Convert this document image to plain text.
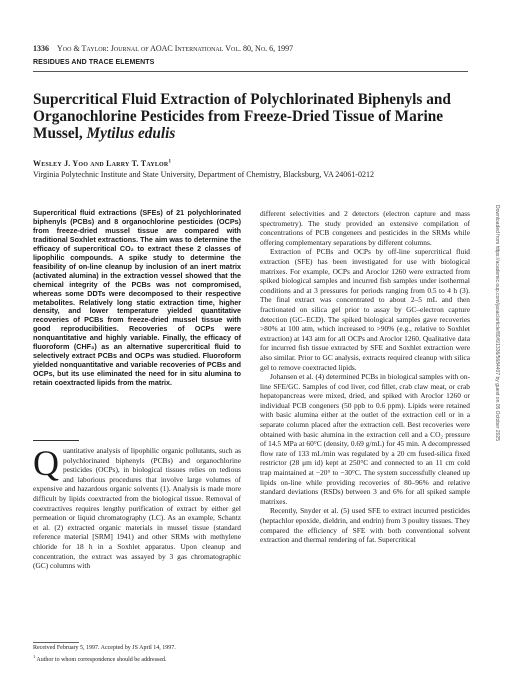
1336 Yoo & Taylor: Journal of AOAC International Vol. 80, No. 6, 1997
RESIDUES AND TRACE ELEMENTS
Supercritical Fluid Extraction of Polychlorinated Biphenyls and Organochlorine Pesticides from Freeze-Dried Tissue of Marine Mussel, Mytilus edulis
Wesley J. Yoo and Larry T. Taylor$^1$
Virginia Polytechnic Institute and State University, Department of Chemistry, Blacksburg, VA 24061-0212

Supercritical fluid extractions (SFEs) of 21 polychlorinated biphenyls (PCBs) and 8 organochlorine pesticides (OCPs) from freeze-dried mussel tissue are compared with traditional Soxhlet extractions. The aim was to determine the efficacy of supercritical CO₂ to extract these 2 classes of lipophilic compounds. A spike study to determine the feasibility of on-line cleanup by inclusion of an inert matrix (activated alumina) in the extraction vessel showed that the chemical integrity of the PCBs was not compromised, whereas some DDTs were decomposed to their respective metabolites. Relatively long static extraction time, higher density, and lower temperature yielded quantitative recoveries of PCBs from freeze-dried mussel tissue with good reproducibilities. Recoveries of OCPs were nonquantitative and highly variable. Finally, the efficacy of fluoroform (CHF₃) as an alternative supercritical fluid to selectively extract PCBs and OCPs was studied. Fluoroform yielded nonquantitative and variable recoveries of PCBs and OCPs, but its use eliminated the need for in situ alumina to retain coextracted lipids from the matrix.

Quantitative analysis of lipophilic organic pollutants, such as polychlorinated biphenyls (PCBs) and organochlorine pesticides (OCPs), in biological tissues relies on tedious and laborious procedures that involve large volumes of expensive and hazardous organic solvents (1). Analysis is made more difficult by lipids coextracted from the biological tissue. Removal of coextractives requires lengthy purification of extract by either gel permeation or liquid chromatography (LC). As an example, Schantz et al. (2) extracted organic materials in mussel tissue (standard reference material [SRM] 1941) and other SRMs with methylene chloride for 18 h in a Soxhlet apparatus. Upon cleanup and concentration, the extract was assayed by 3 gas chromatographic (GC) columns with

Received February 5, 1997. Accepted by JS April 14, 1997.
$^1$ Author to whom correspondence should be addressed.

different selectivities and 2 detectors (electron capture and mass spectrometry). The study provided an extensive compilation of concentrations of PCB congeners and pesticides in the SRMs while offering complementary separations by different columns.

Extraction of PCBs and OCPs by off-line supercritical fluid extraction (SFE) has been investigated for use with biological matrixes. For example, OCPs and Aroclor 1260 were extracted from spiked biological samples and incurred fish samples under isothermal conditions and at 3 pressures for periods ranging from 0.5 to 4 h (3). The final extract was concentrated to about 2–5 mL and then fractionated on silica gel prior to assay by GC–electron capture detection (GC–ECD). The spiked biological samples gave recoveries >80% at 100 atm, which increased to >90% (e.g., relative to Soxhlet extraction) at 143 atm for all OCPs and Aroclor 1260. Qualitative data for incurred fish tissue extracted by SFE and Soxhlet extraction were also similar. Prior to GC analysis, extracts required cleanup with silica gel to remove coextracted lipids.

Johansen et al. (4) determined PCBs in biological samples with on-line SFE/GC. Samples of cod liver, cod fillet, crab claw meat, or crab hepatopancreas were mixed, dried, and spiked with Aroclor 1260 or individual PCB congeners (50 ppb to 0.6 ppm). Lipids were retained with basic alumina either at the outlet of the extraction cell or in a separate column placed after the extraction cell. Best recoveries were obtained with basic alumina in the extraction cell and a CO₂ pressure of 14.5 MPa at 60°C (density, 0.69 g/mL) for 45 min. A decompressed flow rate of 133 mL/min was regulated by a 20 cm fused-silica fixed restrictor (28 μm id) kept at 250°C and connected to an 11 cm cold trap maintained at −20° to −30°C. The system successfully cleaned up lipids on-line while providing recoveries of 80–96% and relative standard deviations (RSDs) between 3 and 6% for all spiked sample matrixes.

Recently, Snyder et al. (5) used SFE to extract incurred pesticides (heptachlor epoxide, dieldrin, and endrin) from 3 poultry tissues. They compared the efficiency of SFE with both conventional solvent extraction and thermal rendering of fat. Supercritical

Downloaded from https://academic.oup.com/jaoac/article/80/6/1336/5684407 by guest on 05 October 2025
